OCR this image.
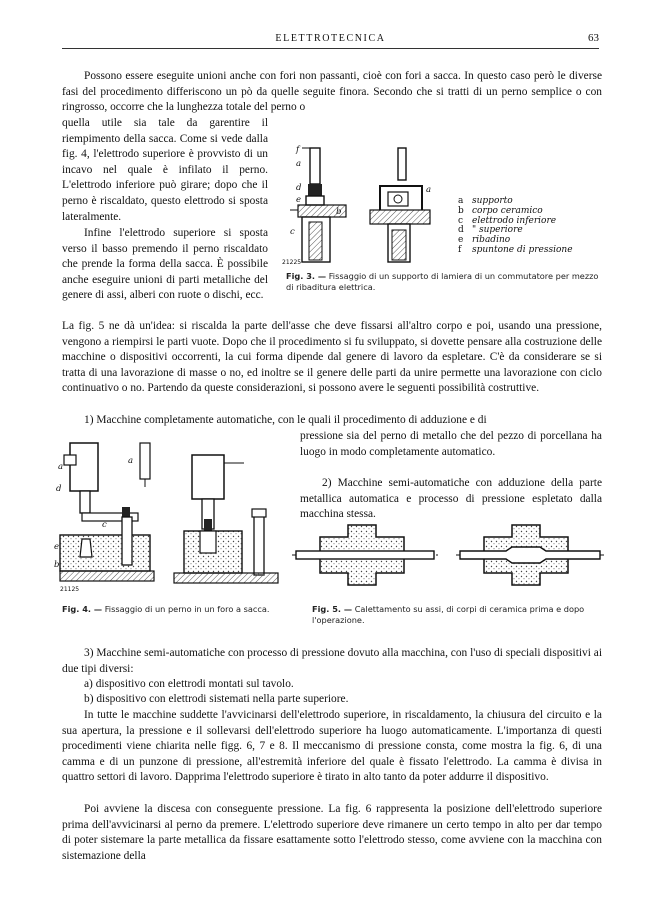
ELETTROTECNICA	63

Possono essere eseguite unioni anche con fori non passanti, cioè con fori a sacca. In questo caso però le diverse fasi del procedimento differiscono un pò da quelle seguite finora. Secondo che si tratti di un perno semplice o con ringrosso, occorre che la lunghezza totale del perno o

quella utile sia tale da garentire il riempimento della sacca. Come si vede dalla fig. 4, l'elettrodo superiore è provvisto di un incavo nel quale è infilato il perno. L'elettrodo inferiore può girare; dopo che il perno è riscaldato, questo elettrodo si sposta lateralmente.

Infine l'elettrodo superiore si sposta verso il basso premendo il perno riscaldato che prende la forma della sacca. È possibile anche eseguire unioni di parti metalliche del genere di assi, alberi con ruote o dischi, ecc.

f
a
d
e
c
b
a
21225
a supporto
b corpo ceramico
c elettrodo inferiore
d " superiore
e ribadino
f spuntone di pressione

Fig. 3. — Fissaggio di un supporto di lamiera di un commutatore per mezzo di ribaditura elettrica.

La fig. 5 ne dà un'idea: si riscalda la parte dell'asse che deve fissarsi all'altro corpo e poi, usando una pressione, vengono a riempirsi le parti vuote. Dopo che il procedimento si fu sviluppato, si dovette pensare alla costruzione delle macchine o dispositivi occorrenti, la cui forma dipende dal genere di lavoro da espletare. C'è da considerare se si tratta di una lavorazione di masse o no, ed inoltre se il genere delle parti da unire permette una lavorazione con ciclo continuativo o no. Partendo da queste considerazioni, si possono avere le seguenti possibilità costruttive.

1) Macchine completamente automatiche, con le quali il procedimento di adduzione e di

pressione sia del perno di metallo che del pezzo di porcellana ha luogo in modo completamente automatico.

2) Macchine semi-automatiche con adduzione della parte metallica automatica e processo di pressione espletato dalla macchina stessa.

a
d
a
c
e
b
21125

Fig. 4. — Fissaggio di un perno in un foro a sacca.	Fig. 5. — Calettamento su assi, di corpi di ceramica prima e dopo l'operazione.

3) Macchine semi-automatiche con processo di pressione dovuto alla macchina, con l'uso di speciali dispositivi ai due tipi diversi:

a) dispositivo con elettrodi montati sul tavolo.

b) dispositivo con elettrodi sistemati nella parte superiore.

In tutte le macchine suddette l'avvicinarsi dell'elettrodo superiore, in riscaldamento, la chiusura del circuito e la sua apertura, la pressione e il sollevarsi dell'elettrodo superiore ha luogo automaticamente. L'importanza di questi procedimenti viene chiarita nelle figg. 6, 7 e 8. Il meccanismo di pressione consta, come mostra la fig. 6, di una camma e di un punzone di pressione, all'estremità inferiore del quale è fissato l'elettrodo. La camma è divisa in quattro settori di lavoro. Dapprima l'elettrodo superiore è tirato in alto tanto da poter addurre il dispositivo.

Poi avviene la discesa con conseguente pressione. La fig. 6 rappresenta la posizione dell'elettrodo superiore prima dell'avvicinarsi al perno da premere. L'elettrodo superiore deve rimanere un certo tempo in alto per dar tempo di poter sistemare la parte metallica da fissare esattamente sotto l'elettrodo stesso, come avviene con la macchina con sistemazione della
